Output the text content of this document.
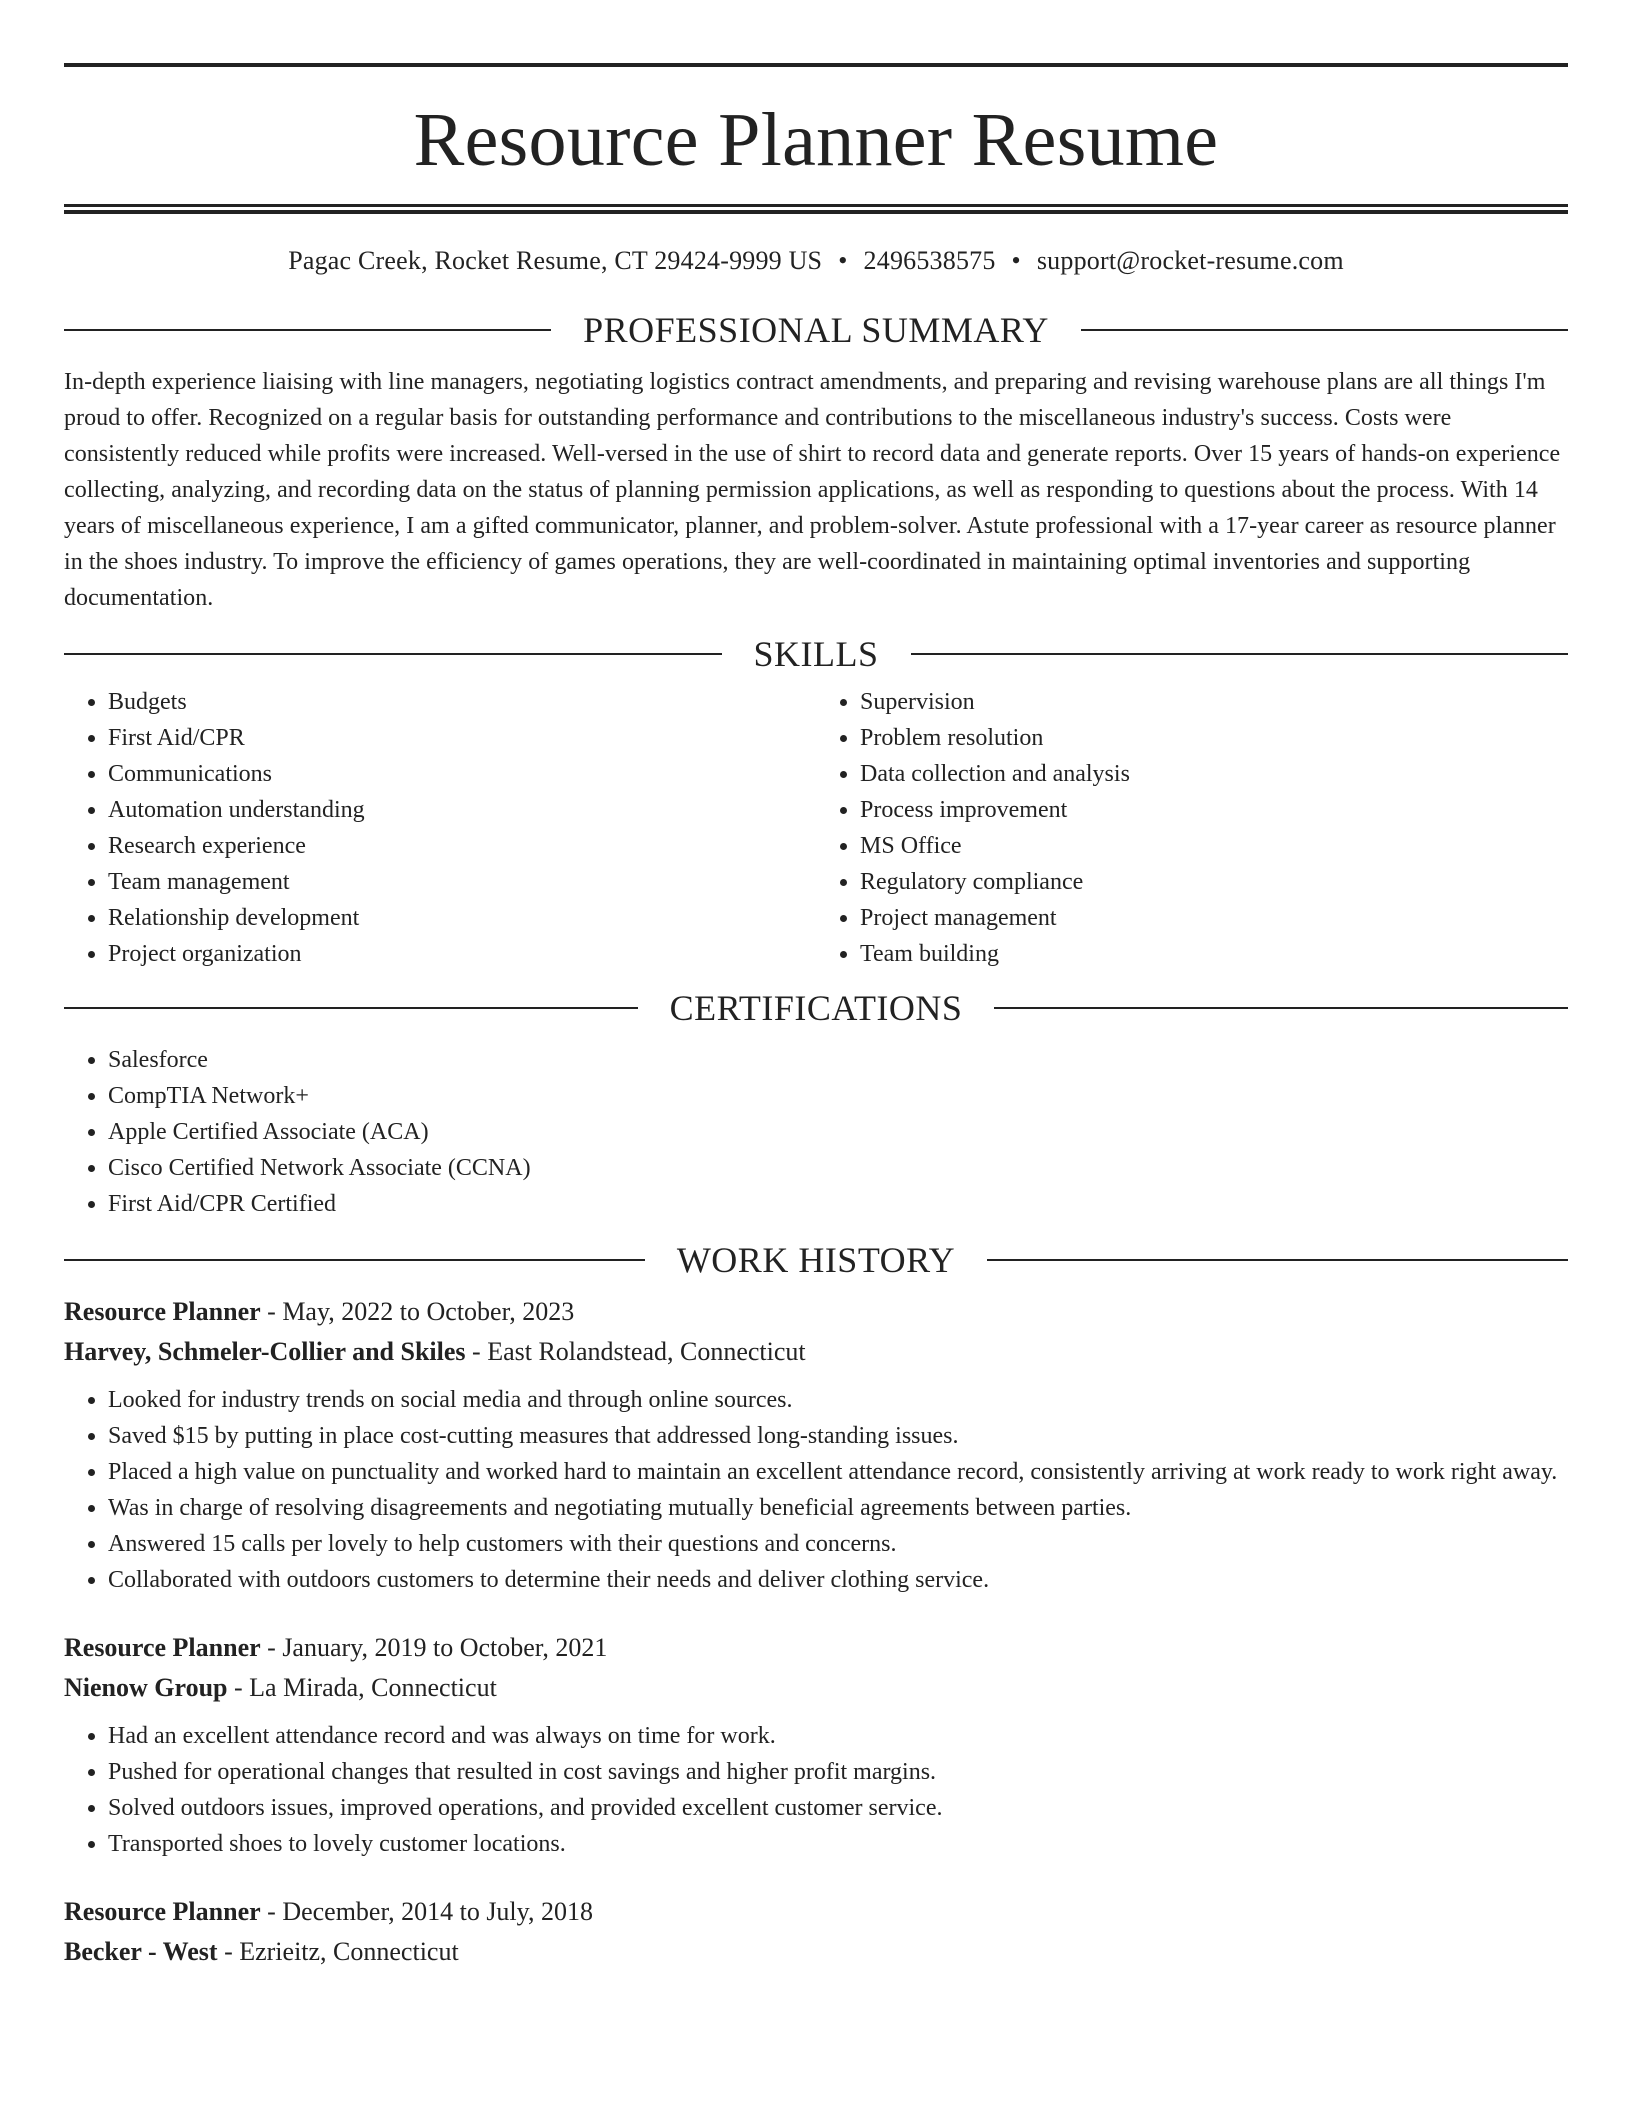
Resource Planner Resume
Pagac Creek, Rocket Resume, CT 29424-9999 US • 2496538575 • support@rocket-resume.com
PROFESSIONAL SUMMARY

In-depth experience liaising with line managers, negotiating logistics contract amendments, and preparing and revising warehouse plans are all things I'm proud to offer. Recognized on a regular basis for outstanding performance and contributions to the miscellaneous industry's success. Costs were consistently reduced while profits were increased. Well-versed in the use of shirt to record data and generate reports. Over 15 years of hands-on experience collecting, analyzing, and recording data on the status of planning permission applications, as well as responding to questions about the process. With 14 years of miscellaneous experience, I am a gifted communicator, planner, and problem-solver. Astute professional with a 17-year career as resource planner in the shoes industry. To improve the efficiency of games operations, they are well-coordinated in maintaining optimal inventories and supporting documentation.

SKILLS
• Budgets
• First Aid/CPR
• Communications
• Automation understanding
• Research experience
• Team management
• Relationship development
• Project organization
• Supervision
• Problem resolution
• Data collection and analysis
• Process improvement
• MS Office
• Regulatory compliance
• Project management
• Team building
CERTIFICATIONS
• Salesforce
• CompTIA Network+
• Apple Certified Associate (ACA)
• Cisco Certified Network Associate (CCNA)
• First Aid/CPR Certified
WORK HISTORY

Resource Planner - May, 2022 to October, 2023

Harvey, Schmeler-Collier and Skiles - East Rolandstead, Connecticut

• Looked for industry trends on social media and through online sources.
• Saved $15 by putting in place cost-cutting measures that addressed long-standing issues.
• Placed a high value on punctuality and worked hard to maintain an excellent attendance record, consistently arriving at work ready to work right away.
• Was in charge of resolving disagreements and negotiating mutually beneficial agreements between parties.
• Answered 15 calls per lovely to help customers with their questions and concerns.
• Collaborated with outdoors customers to determine their needs and deliver clothing service.

Resource Planner - January, 2019 to October, 2021

Nienow Group - La Mirada, Connecticut

• Had an excellent attendance record and was always on time for work.
• Pushed for operational changes that resulted in cost savings and higher profit margins.
• Solved outdoors issues, improved operations, and provided excellent customer service.
• Transported shoes to lovely customer locations.

Resource Planner - December, 2014 to July, 2018

Becker - West - Ezrieitz, Connecticut
